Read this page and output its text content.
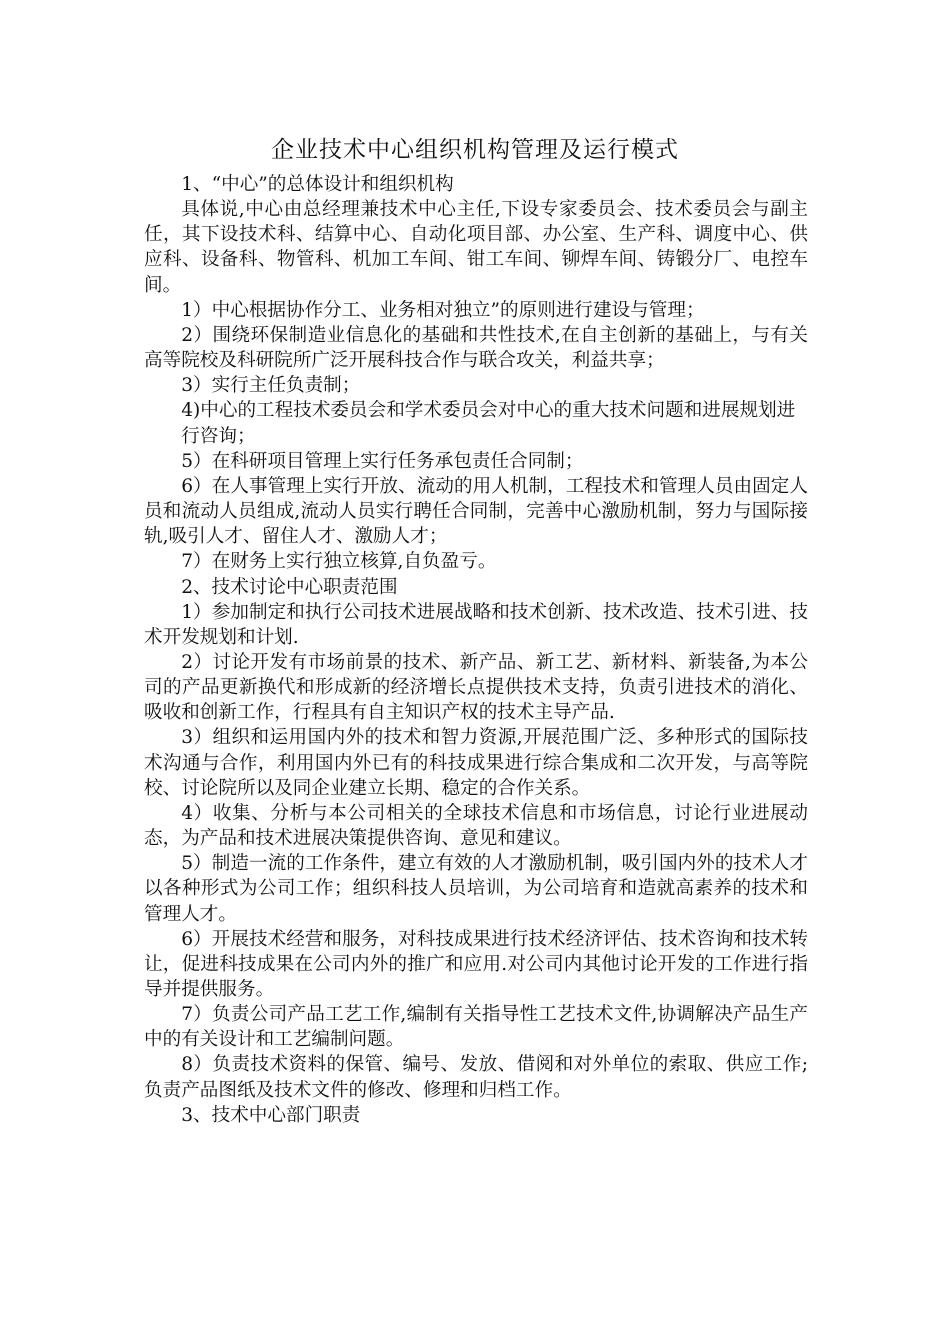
企业技术中心组织机构管理及运行模式

1、“中心”的总体设计和组织机构

具体说,中心由总经理兼技术中心主任,下设专家委员会、技术委员会与副主任，其下设技术科、结算中心、自动化项目部、办公室、生产科、调度中心、供应科、设备科、物管科、机加工车间、钳工车间、铆焊车间、铸锻分厂、电控车间。

1）中心根据协作分工、业务相对独立”的原则进行建设与管理；

2）围绕环保制造业信息化的基础和共性技术,在自主创新的基础上，与有关高等院校及科研院所广泛开展科技合作与联合攻关，利益共享；

3）实行主任负责制；

4)中心的工程技术委员会和学术委员会对中心的重大技术问题和进展规划进

行咨询；

5）在科研项目管理上实行任务承包责任合同制；

6）在人事管理上实行开放、流动的用人机制，工程技术和管理人员由固定人员和流动人员组成,流动人员实行聘任合同制，完善中心激励机制，努力与国际接轨,吸引人才、留住人才、激励人才；

7）在财务上实行独立核算,自负盈亏。

2、技术讨论中心职责范围

1）参加制定和执行公司技术进展战略和技术创新、技术改造、技术引进、技术开发规划和计划.

2）讨论开发有市场前景的技术、新产品、新工艺、新材料、新装备,为本公司的产品更新换代和形成新的经济增长点提供技术支持，负责引进技术的消化、吸收和创新工作，行程具有自主知识产权的技术主导产品.

3）组织和运用国内外的技术和智力资源,开展范围广泛、多种形式的国际技术沟通与合作，利用国内外已有的科技成果进行综合集成和二次开发，与高等院校、讨论院所以及同企业建立长期、稳定的合作关系。

4）收集、分析与本公司相关的全球技术信息和市场信息，讨论行业进展动态，为产品和技术进展决策提供咨询、意见和建议。

5）制造一流的工作条件，建立有效的人才激励机制，吸引国内外的技术人才以各种形式为公司工作；组织科技人员培训，为公司培育和造就高素养的技术和管理人才。

6）开展技术经营和服务，对科技成果进行技术经济评估、技术咨询和技术转让，促进科技成果在公司内外的推广和应用.对公司内其他讨论开发的工作进行指导并提供服务。

7）负责公司产品工艺工作,编制有关指导性工艺技术文件,协调解决产品生产中的有关设计和工艺编制问题。

8）负责技术资料的保管、编号、发放、借阅和对外单位的索取、供应工作;负责产品图纸及技术文件的修改、修理和归档工作。

3、技术中心部门职责
